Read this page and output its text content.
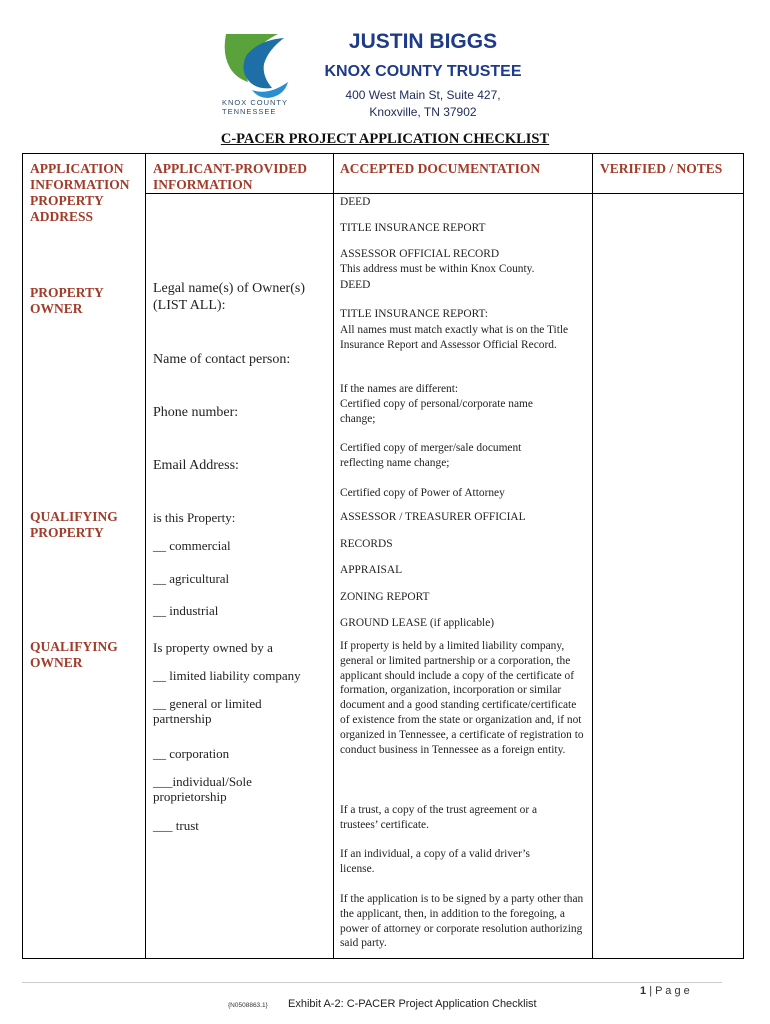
KNOX COUNTY
TENNESSEE
JUSTIN BIGGS
KNOX COUNTY TRUSTEE
400 West Main St, Suite 427,
Knoxville, TN 37902
C-PACER PROJECT APPLICATION CHECKLIST
APPLICATION INFORMATION
APPLICANT-PROVIDED INFORMATION
ACCEPTED DOCUMENTATION	VERIFIED / NOTES
PROPERTY ADDRESS
DEED
TITLE INSURANCE REPORT
ASSESSOR OFFICIAL RECORD
This address must be within Knox County.
PROPERTY OWNER
Legal name(s) of Owner(s) (LIST ALL):
Name of contact person:
Phone number:
Email Address:
DEED
TITLE INSURANCE REPORT:
All names must match exactly what is on the Title Insurance Report and Assessor Official Record.
If the names are different:
Certified copy of personal/corporate name change;
Certified copy of merger/sale document reflecting name change;
Certified copy of Power of Attorney
QUALIFYING PROPERTY
is this Property:
__ commercial
__ agricultural
__ industrial
ASSESSOR / TREASURER OFFICIAL
RECORDS
APPRAISAL
ZONING REPORT
GROUND LEASE (if applicable)
QUALIFYING OWNER
Is property owned by a
__ limited liability company
__ general or limited partnership
__ corporation
___individual/Sole proprietorship
___ trust
If property is held by a limited liability company, general or limited partnership or a corporation, the applicant should include a copy of the certificate of formation, organization, incorporation or similar document and a good standing certificate/certificate of existence from the state or organization and, if not organized in Tennessee, a certificate of registration to conduct business in Tennessee as a foreign entity.
If a trust, a copy of the trust agreement or a trustees’ certificate.
If an individual, a copy of a valid driver’s license.
If the application is to be signed by a party other than the applicant, then, in addition to the foregoing, a power of attorney or corporate resolution authorizing said party.
1 | P a g e
{N0508863.1} Exhibit A-2: C-PACER Project Application Checklist
